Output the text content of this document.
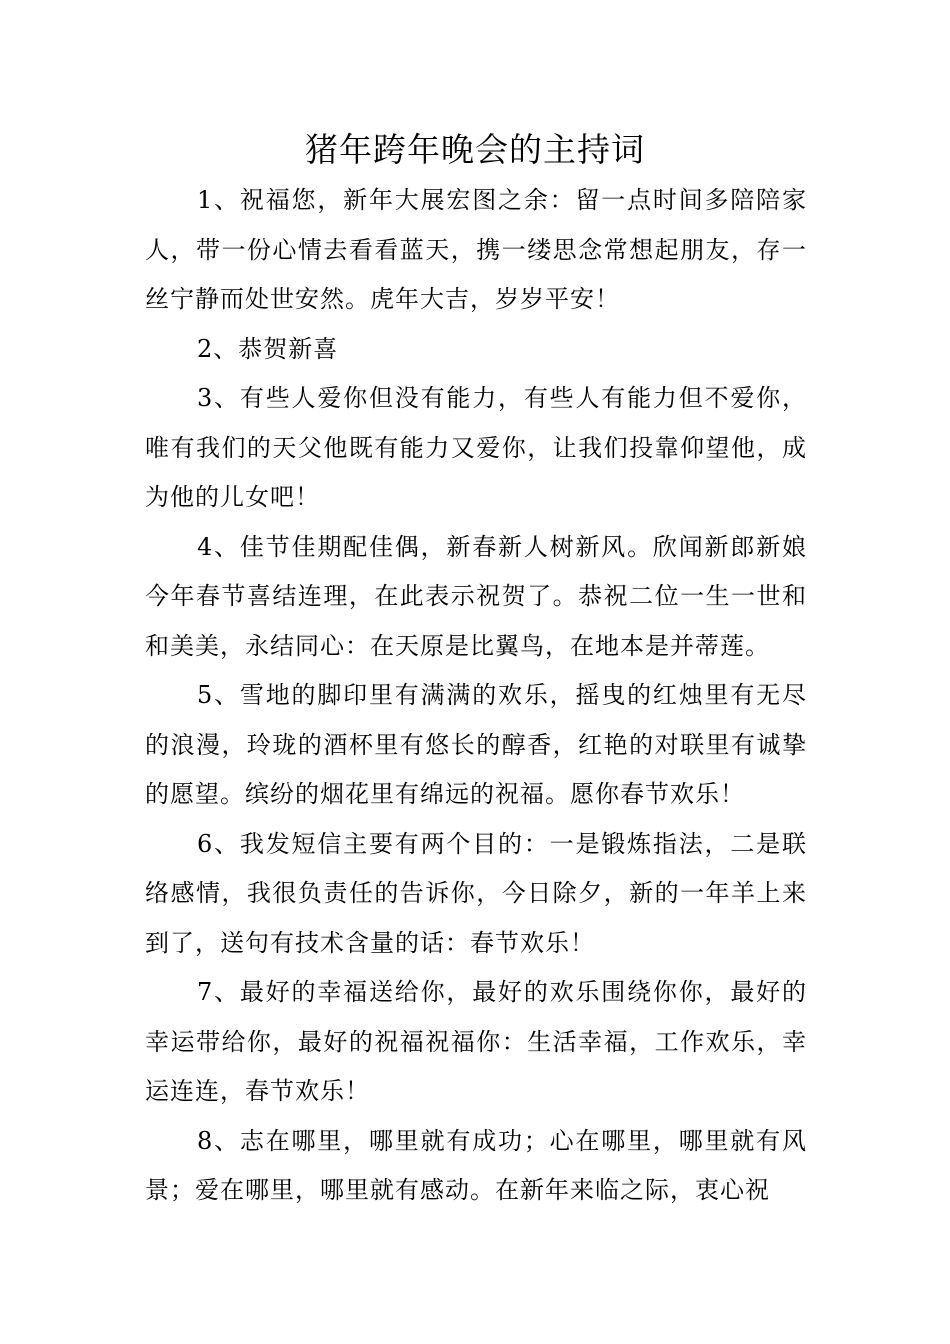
猪年跨年晚会的主持词

1、祝福您，新年大展宏图之余：留一点时间多陪陪家人，带一份心情去看看蓝天，携一缕思念常想起朋友，存一丝宁静而处世安然。虎年大吉，岁岁平安！

2、恭贺新喜

3、有些人爱你但没有能力，有些人有能力但不爱你，唯有我们的天父他既有能力又爱你，让我们投靠仰望他，成为他的儿女吧！

4、佳节佳期配佳偶，新春新人树新风。欣闻新郎新娘今年春节喜结连理，在此表示祝贺了。恭祝二位一生一世和和美美，永结同心：在天原是比翼鸟，在地本是并蒂莲。

5、雪地的脚印里有满满的欢乐，摇曳的红烛里有无尽的浪漫，玲珑的酒杯里有悠长的醇香，红艳的对联里有诚挚的愿望。缤纷的烟花里有绵远的祝福。愿你春节欢乐！

6、我发短信主要有两个目的：一是锻炼指法，二是联络感情，我很负责任的告诉你，今日除夕，新的一年羊上来到了，送句有技术含量的话：春节欢乐！

7、最好的幸福送给你，最好的欢乐围绕你你，最好的幸运带给你，最好的祝福祝福你：生活幸福，工作欢乐，幸运连连，春节欢乐！

8、志在哪里，哪里就有成功；心在哪里，哪里就有风景；爱在哪里，哪里就有感动。在新年来临之际，衷心祝
